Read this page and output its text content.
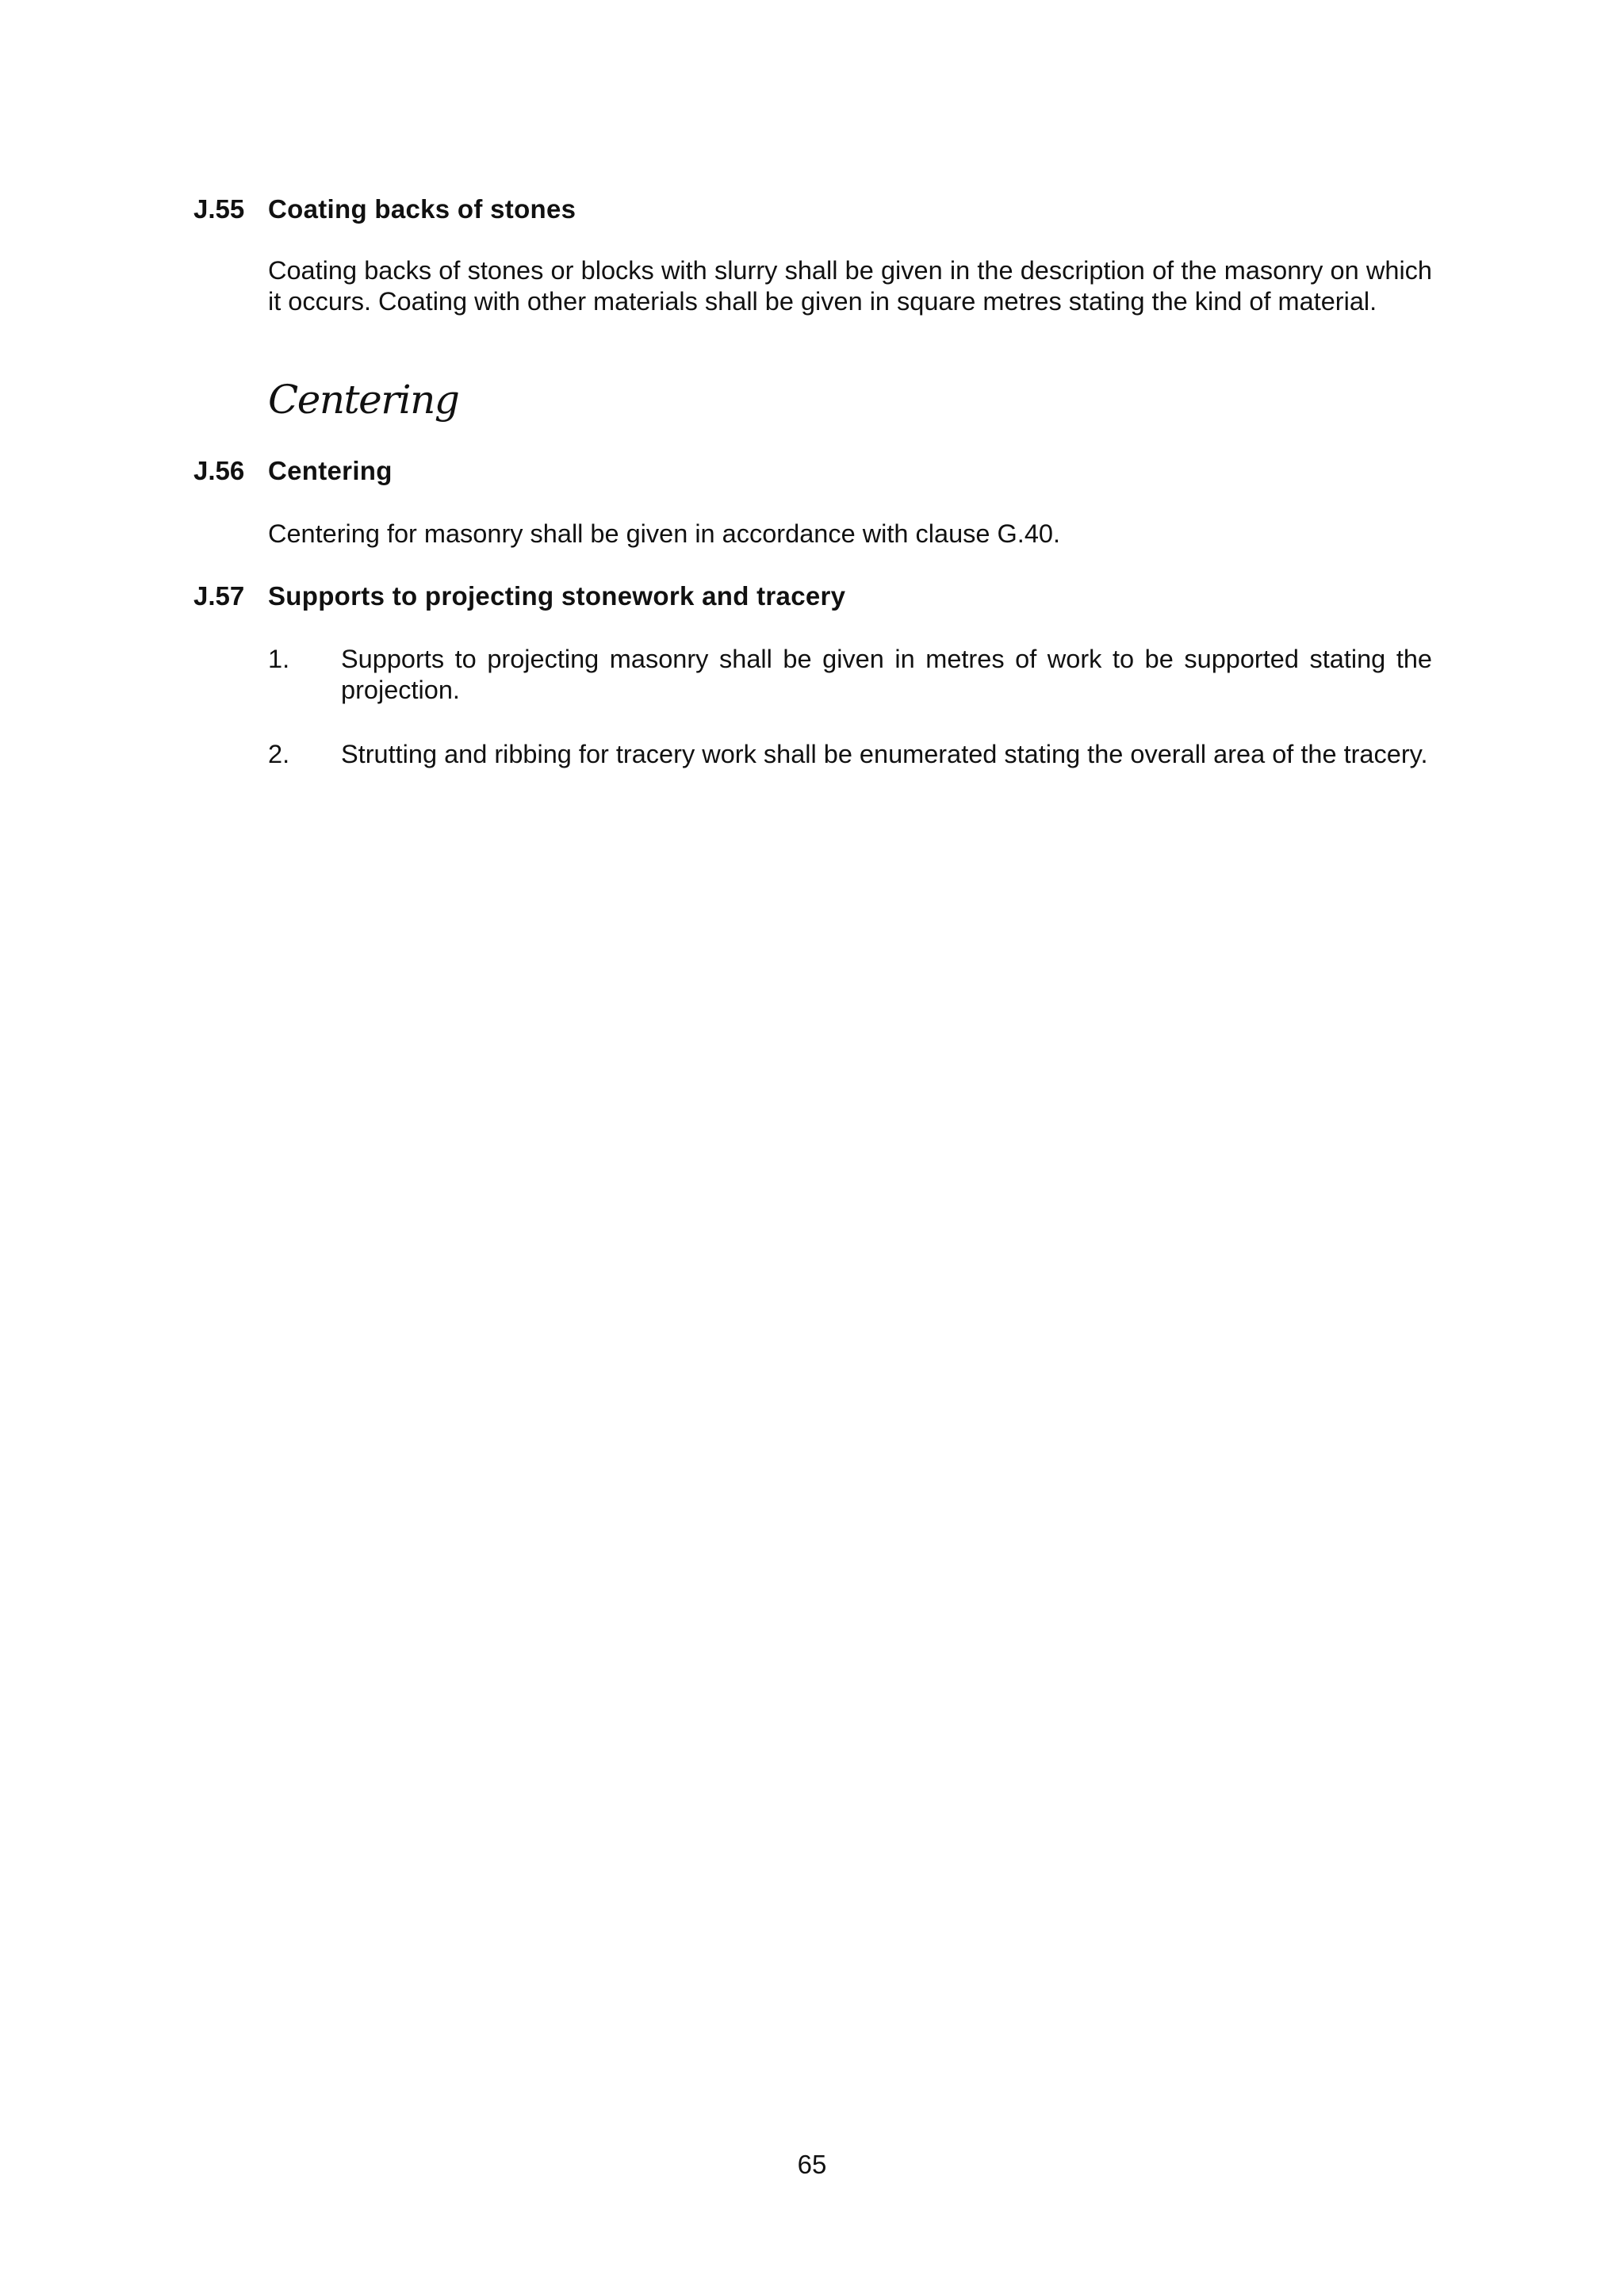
J.55 Coating backs of stones
Coating backs of stones or blocks with slurry shall be given in the description of the masonry on which it occurs. Coating with other materials shall be given in square metres stating the kind of material.
Centering
J.56 Centering
Centering for masonry shall be given in accordance with clause G.40.
J.57 Supports to projecting stonework and tracery
1. Supports to projecting masonry shall be given in metres of work to be supported stating the projection.
2. Strutting and ribbing for tracery work shall be enumerated stating the overall area of the tracery.
65
